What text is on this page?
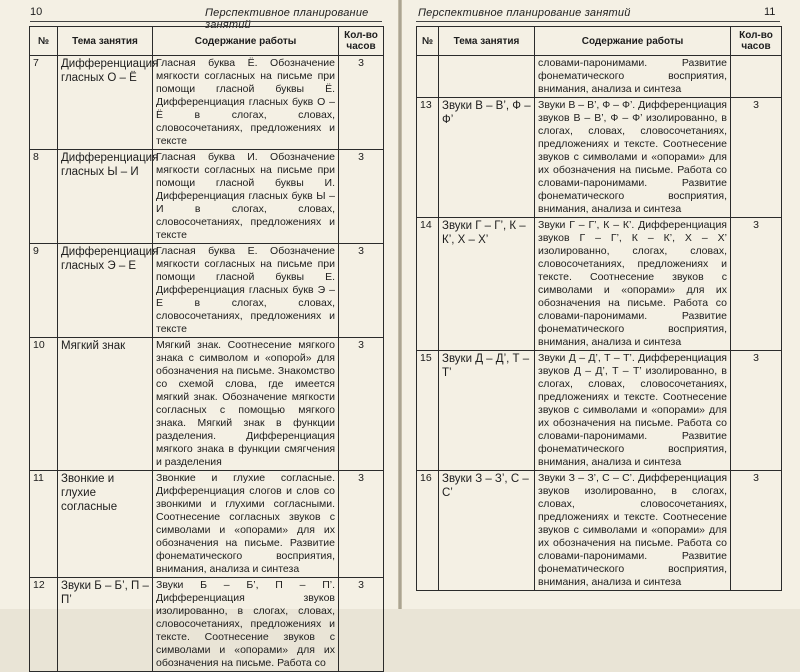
10	Перспективное планирование занятий
№	Тема занятия	Содержание работы	Кол-во часов
7	Дифференциация гласных О – Ё	Гласная буква Ё. Обозначение мягкости согласных на письме при помощи гласной буквы Ё. Дифференциация гласных букв О – Ё в слогах, словах, словосочетаниях, предложениях и тексте	3
8	Дифференциация гласных Ы – И	Гласная буква И. Обозначение мягкости согласных на письме при помощи гласной буквы И. Дифференциация гласных букв Ы – И в слогах, словах, словосочетаниях, предложениях и тексте	3
9	Дифференциация гласных Э – Е	Гласная буква Е. Обозначение мягкости согласных на письме при помощи гласной буквы Е. Дифференциация гласных букв Э – Е в слогах, словах, словосочетаниях, предложениях и тексте	3
10	Мягкий знак	Мягкий знак. Соотнесение мягкого знака с символом и «опорой» для обозначения на письме. Знакомство со схемой слова, где имеется мягкий знак. Обозначение мягкости согласных с помощью мягкого знака. Мягкий знак в функции разделения. Дифференциация мягкого знака в функции смягчения и разделения	3
11	Звонкие и глухие согласные	Звонкие и глухие согласные. Дифференциация слогов и слов со звонкими и глухими согласными. Соотнесение согласных звуков с символами и «опорами» для их обозначения на письме. Развитие фонематического восприятия, внимания, анализа и синтеза	3
12	Звуки Б – Б’, П – П’	Звуки Б – Б’, П – П’. Дифференциация звуков изолированно, в слогах, словах, словосочетаниях, предложениях и тексте. Соотнесение звуков с символами и «опорами» для их обозначения на письме. Работа со	3
Перспективное планирование занятий	11
№	Тема занятия	Содержание работы	Кол-во часов
		словами-паронимами. Развитие фонематического восприятия, внимания, анализа и синтеза	
13	Звуки В – В’, Ф – Ф’	Звуки В – В’, Ф – Ф’. Дифференциация звуков В – В’, Ф – Ф’ изолированно, в слогах, словах, словосочетаниях, предложениях и тексте. Соотнесение звуков с символами и «опорами» для их обозначения на письме. Работа со словами-паронимами. Развитие фонематического восприятия, внимания, анализа и синтеза	3
14	Звуки Г – Г’, К – К’, Х – Х’	Звуки Г – Г’, К – К’. Дифференциация звуков Г – Г’, К – К’, Х – Х’ изолированно, слогах, словах, словосочетаниях, предложениях и тексте. Соотнесение звуков с символами и «опорами» для их обозначения на письме. Работа со словами-паронимами. Развитие фонематического восприятия, внимания, анализа и синтеза	3
15	Звуки Д – Д’, Т – Т’	Звуки Д – Д’, Т – Т’. Дифференциация звуков Д – Д’, Т – Т’ изолированно, в слогах, словах, словосочетаниях, предложениях и тексте. Соотнесение звуков с символами и «опорами» для их обозначения на письме. Работа со словами-паронимами. Развитие фонематического восприятия, внимания, анализа и синтеза	3
16	Звуки З – З’, С – С’	Звуки З – З’, С – С’. Дифференциация звуков изолированно, в слогах, словах, словосочетаниях, предложениях и тексте. Соотнесение звуков с символами и «опорами» для их обозначения на письме. Работа со словами-паронимами. Развитие фонематического восприятия, внимания, анализа и синтеза	3
